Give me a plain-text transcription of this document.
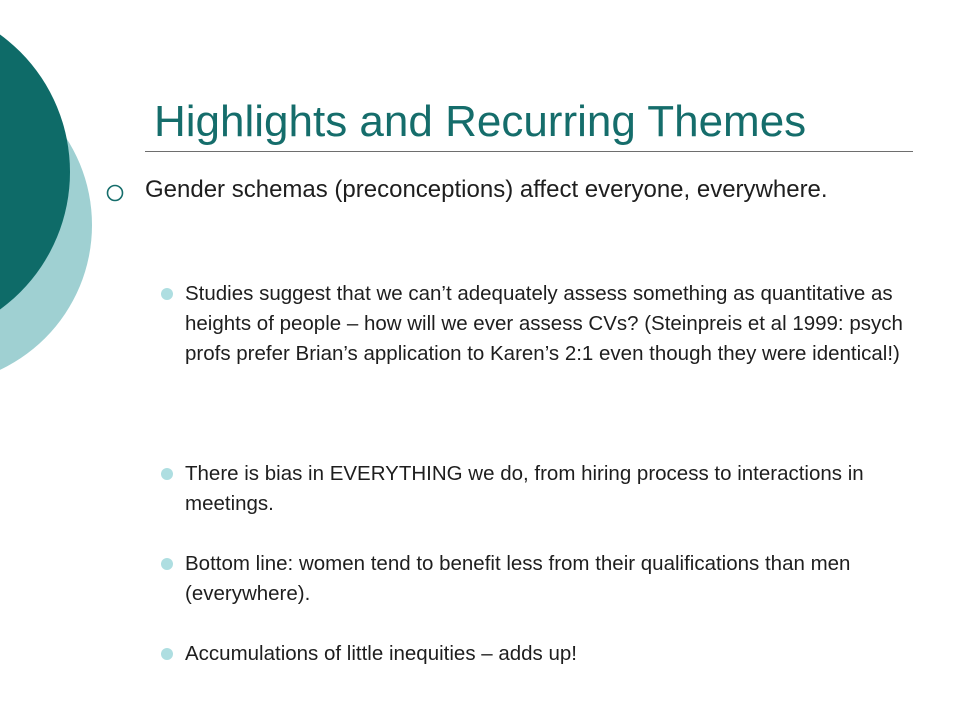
Highlights and Recurring Themes
Gender schemas (preconceptions) affect everyone, everywhere.
Studies suggest that we can’t adequately assess something as quantitative as heights of people – how will we ever assess CVs? (Steinpreis et al 1999: psych profs prefer Brian’s application to Karen’s 2:1 even though they were identical!)
There is bias in EVERYTHING we do, from hiring process to interactions in meetings.
Bottom line: women tend to benefit less from their qualifications than men (everywhere).
Accumulations of little inequities – adds up!
